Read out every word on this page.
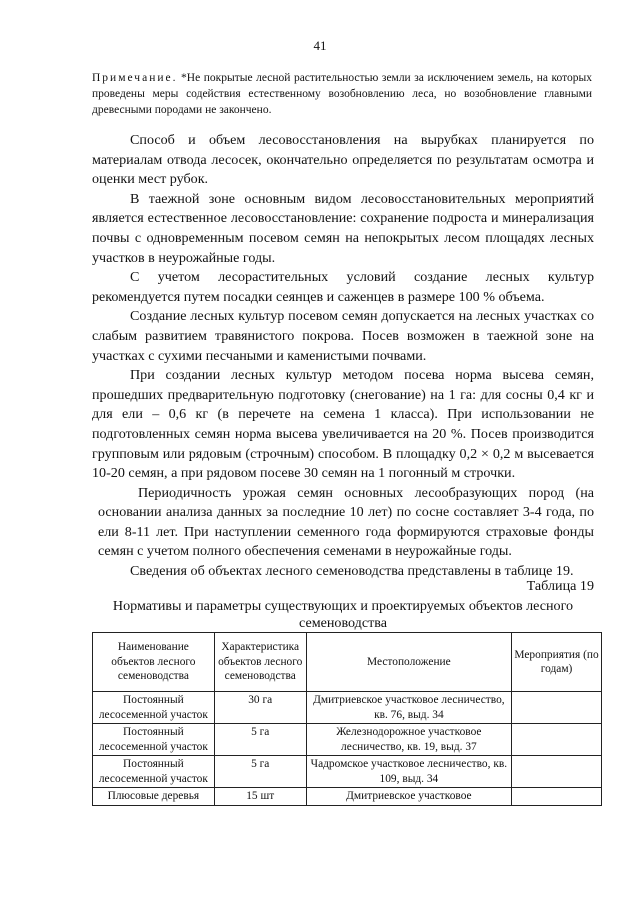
41
Примечание. *Не покрытые лесной растительностью земли за исключением земель, на которых проведены меры содействия естественному возобновлению леса, но возобновление главными древесными породами не закончено.

Способ и объем лесовосстановления на вырубках планируется по материалам отвода лесосек, окончательно определяется по результатам осмотра и оценки мест рубок.

В таежной зоне основным видом лесовосстановительных мероприятий является естественное лесовосстановление: сохранение подроста и минерализация почвы с одновременным посевом семян на непокрытых лесом площадях лесных участков в неурожайные годы.

С учетом лесорастительных условий создание лесных культур рекомендуется путем посадки сеянцев и саженцев в размере 100 % объема.

Создание лесных культур посевом семян допускается на лесных участках со слабым развитием травянистого покрова. Посев возможен в таежной зоне на участках с сухими песчаными и каменистыми почвами.

При создании лесных культур методом посева норма высева семян, прошедших предварительную подготовку (снегование) на 1 га: для сосны 0,4 кг и для ели – 0,6 кг (в перечете на семена 1 класса). При использовании не подготовленных семян норма высева увеличивается на 20 %. Посев производится групповым или рядовым (строчным) способом. В площадку 0,2 × 0,2 м высевается 10-20 семян, а при рядовом посеве 30 семян на 1 погонный м строчки.

Периодичность урожая семян основных лесообразующих пород (на основании анализа данных за последние 10 лет) по сосне составляет 3-4 года, по ели 8-11 лет. При наступлении семенного года формируются страховые фонды семян с учетом полного обеспечения семенами в неурожайные годы.

Сведения об объектах лесного семеноводства представлены в таблице 19.

Таблица 19
Нормативы и параметры существующих и проектируемых объектов лесного семеноводства
Наименование объектов лесного семеноводства	Характеристика объектов лесного семеноводства	Местоположение	Мероприятия (по годам)
Постоянный лесосеменной участок	30 га	Дмитриевское участковое лесничество, кв. 76, выд. 34	
Постоянный лесосеменной участок	5 га	Железнодорожное участковое лесничество, кв. 19, выд. 37	
Постоянный лесосеменной участок	5 га	Чадромское участковое лесничество, кв. 109, выд. 34	
Плюсовые деревья	15 шт	Дмитриевское участковое	
